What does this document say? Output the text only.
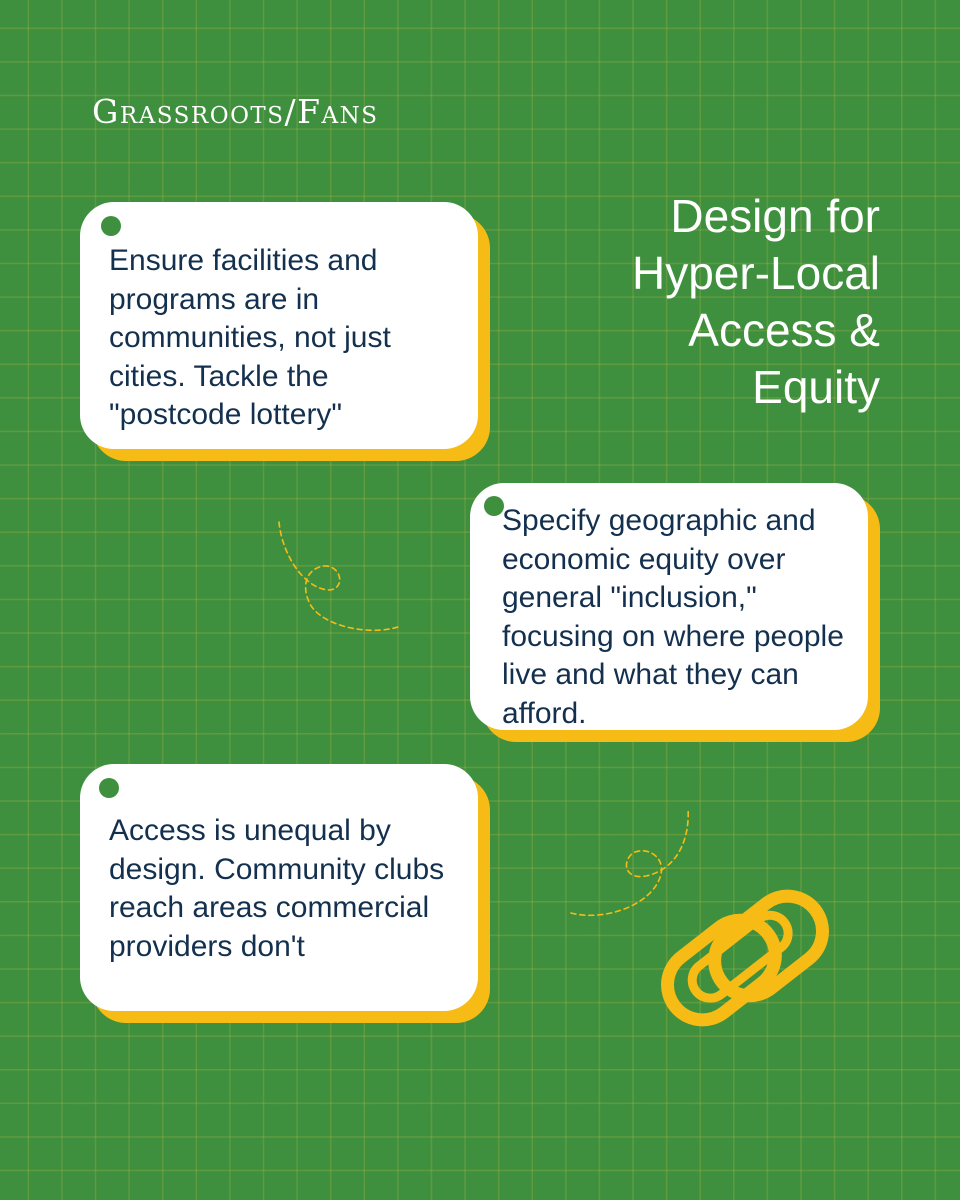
Grassroots/Fans
Design for
Hyper-Local
Access &
Equity
Ensure facilities and programs are in communities, not just cities. Tackle the "postcode lottery"
Specify geographic and economic equity over general "inclusion," focusing on where people live and what they can afford.
Access is unequal by design. Community clubs reach areas commercial providers don't
